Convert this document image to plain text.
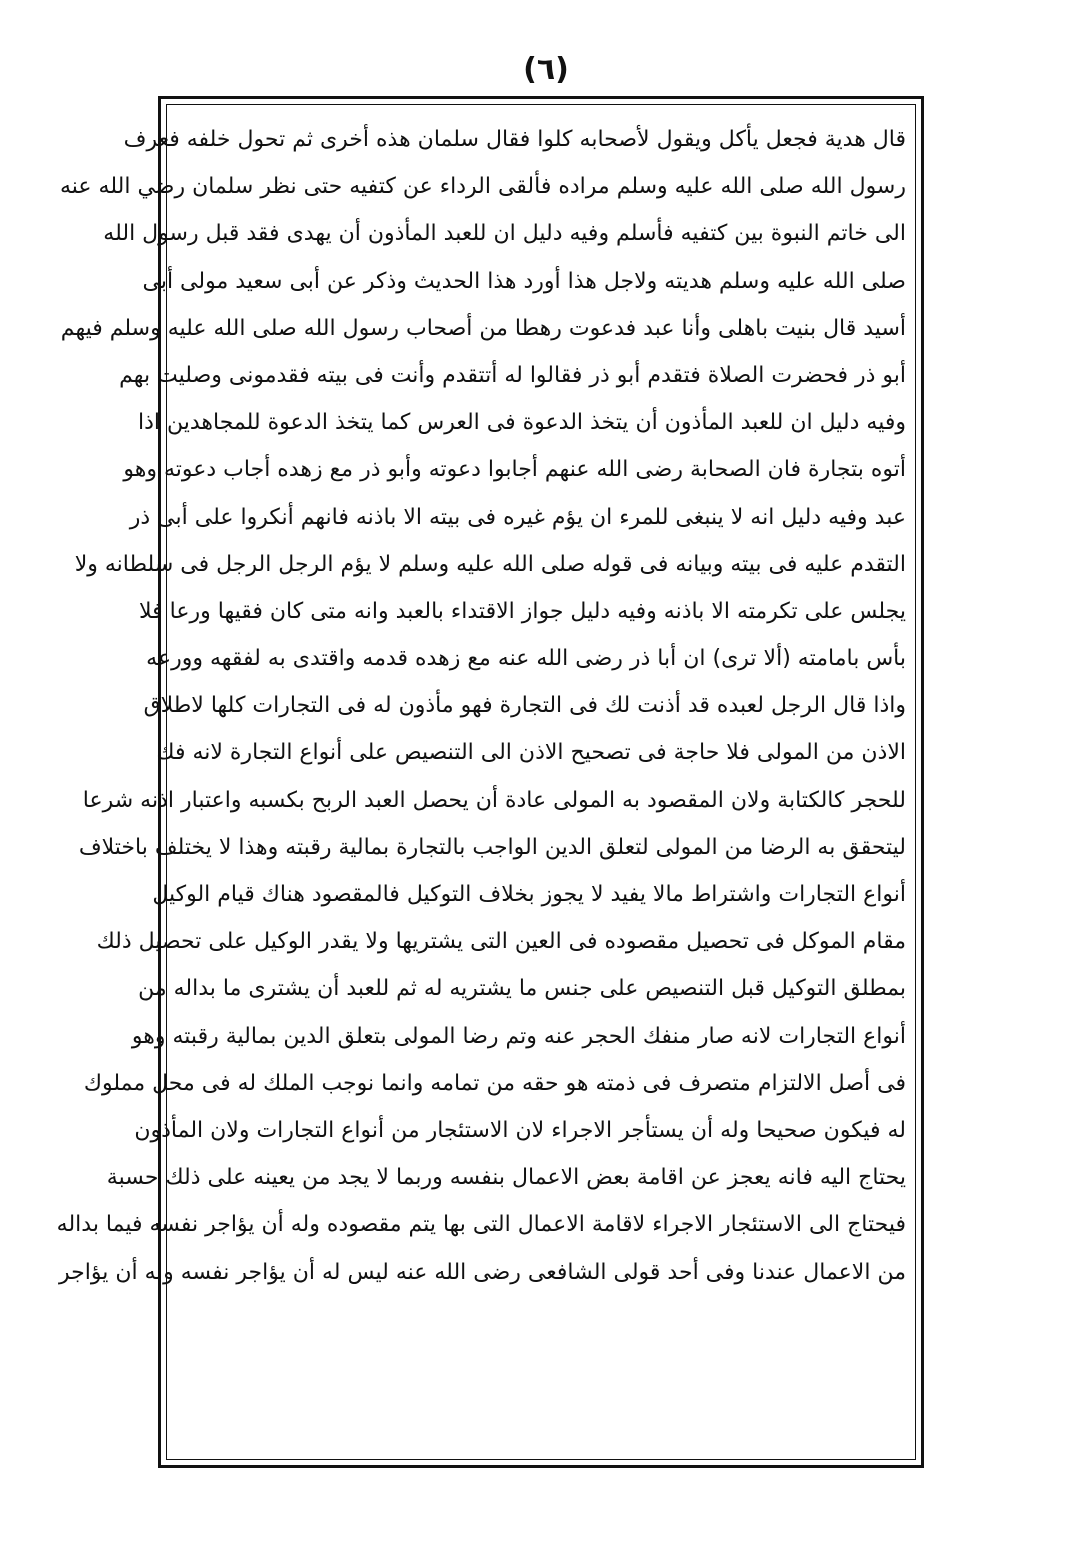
(٦)
قال هدية فجعل يأكل ويقول لأصحابه كلوا فقال سلمان هذه أخرى ثم تحول خلفه فعرف
رسول الله صلى الله عليه وسلم مراده فألقى الرداء عن كتفيه حتى نظر سلمان رضي الله عنه
الى خاتم النبوة بين كتفيه فأسلم وفيه دليل ان للعبد المأذون أن يهدى فقد قبل رسول الله
صلى الله عليه وسلم هديته ولاجل هذا أورد هذا الحديث وذكر عن أبى سعيد مولى أبى
أسيد قال بنيت باهلى وأنا عبد فدعوت رهطا من أصحاب رسول الله صلى الله عليه وسلم فيهم
أبو ذر فحضرت الصلاة فتقدم أبو ذر فقالوا له أتتقدم وأنت فى بيته فقدمونى وصليت بهم
وفيه دليل ان للعبد المأذون أن يتخذ الدعوة فى العرس كما يتخذ الدعوة للمجاهدين اذا
أتوه بتجارة فان الصحابة رضى الله عنهم أجابوا دعوته وأبو ذر مع زهده أجاب دعوته وهو
عبد وفيه دليل انه لا ينبغى للمرء ان يؤم غيره فى بيته الا باذنه فانهم أنكروا على أبى ذر
التقدم عليه فى بيته وبيانه فى قوله صلى الله عليه وسلم لا يؤم الرجل الرجل فى سلطانه ولا
يجلس على تكرمته الا باذنه وفيه دليل جواز الاقتداء بالعبد وانه متى كان فقيها ورعا فلا
بأس بامامته (ألا ترى) ان أبا ذر رضى الله عنه مع زهده قدمه واقتدى به لفقهه وورعه
واذا قال الرجل لعبده قد أذنت لك فى التجارة فهو مأذون له فى التجارات كلها لاطلاق
الاذن من المولى فلا حاجة فى تصحيح الاذن الى التنصيص على أنواع التجارة لانه فك
للحجر كالكتابة ولان المقصود به المولى عادة أن يحصل العبد الربح بكسبه واعتبار اذنه شرعا
ليتحقق به الرضا من المولى لتعلق الدين الواجب بالتجارة بمالية رقبته وهذا لا يختلف باختلاف
أنواع التجارات واشتراط مالا يفيد لا يجوز بخلاف التوكيل فالمقصود هناك قيام الوكيل
مقام الموكل فى تحصيل مقصوده فى العين التى يشتريها ولا يقدر الوكيل على تحصيل ذلك
بمطلق التوكيل قبل التنصيص على جنس ما يشتريه له ثم للعبد أن يشترى ما بداله من
أنواع التجارات لانه صار منفك الحجر عنه وتم رضا المولى بتعلق الدين بمالية رقبته وهو
فى أصل الالتزام متصرف فى ذمته هو حقه من تمامه وانما نوجب الملك له فى محل مملوك
له فيكون صحيحا وله أن يستأجر الاجراء لان الاستئجار من أنواع التجارات ولان المأذون
يحتاج اليه فانه يعجز عن اقامة بعض الاعمال بنفسه وربما لا يجد من يعينه على ذلك حسبة
فيحتاج الى الاستئجار الاجراء لاقامة الاعمال التى بها يتم مقصوده وله أن يؤاجر نفسه فيما بداله
من الاعمال عندنا وفى أحد قولى الشافعى رضى الله عنه ليس له أن يؤاجر نفسه وله أن يؤاجر
